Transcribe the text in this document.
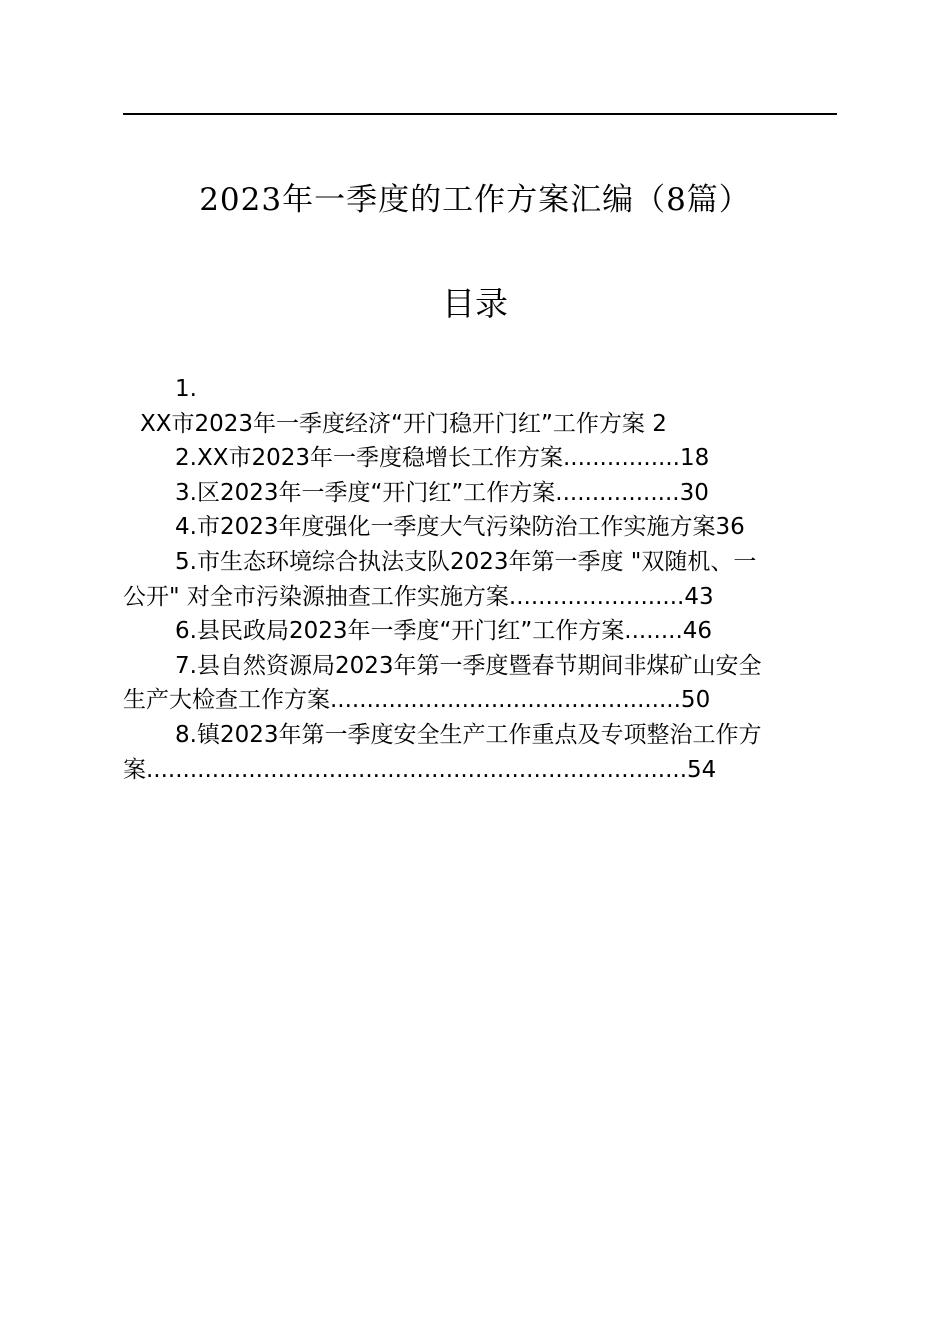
2023年一季度的工作方案汇编（8篇）
目录
1.
XX市2023年一季度经济“开门稳开门红”工作方案 2
2.XX市2023年一季度稳增长工作方案................18
3.区2023年一季度“开门红”工作方案.................30
4.市2023年度强化一季度大气污染防治工作实施方案36
5.市生态环境综合执法支队2023年第一季度 "双随机、一
公开" 对全市污染源抽查工作实施方案........................43
6.县民政局2023年一季度“开门红”工作方案........46
7.县自然资源局2023年第一季度暨春节期间非煤矿山安全
生产大检查工作方案................................................50
8.镇2023年第一季度安全生产工作重点及专项整治工作方
案..........................................................................54
